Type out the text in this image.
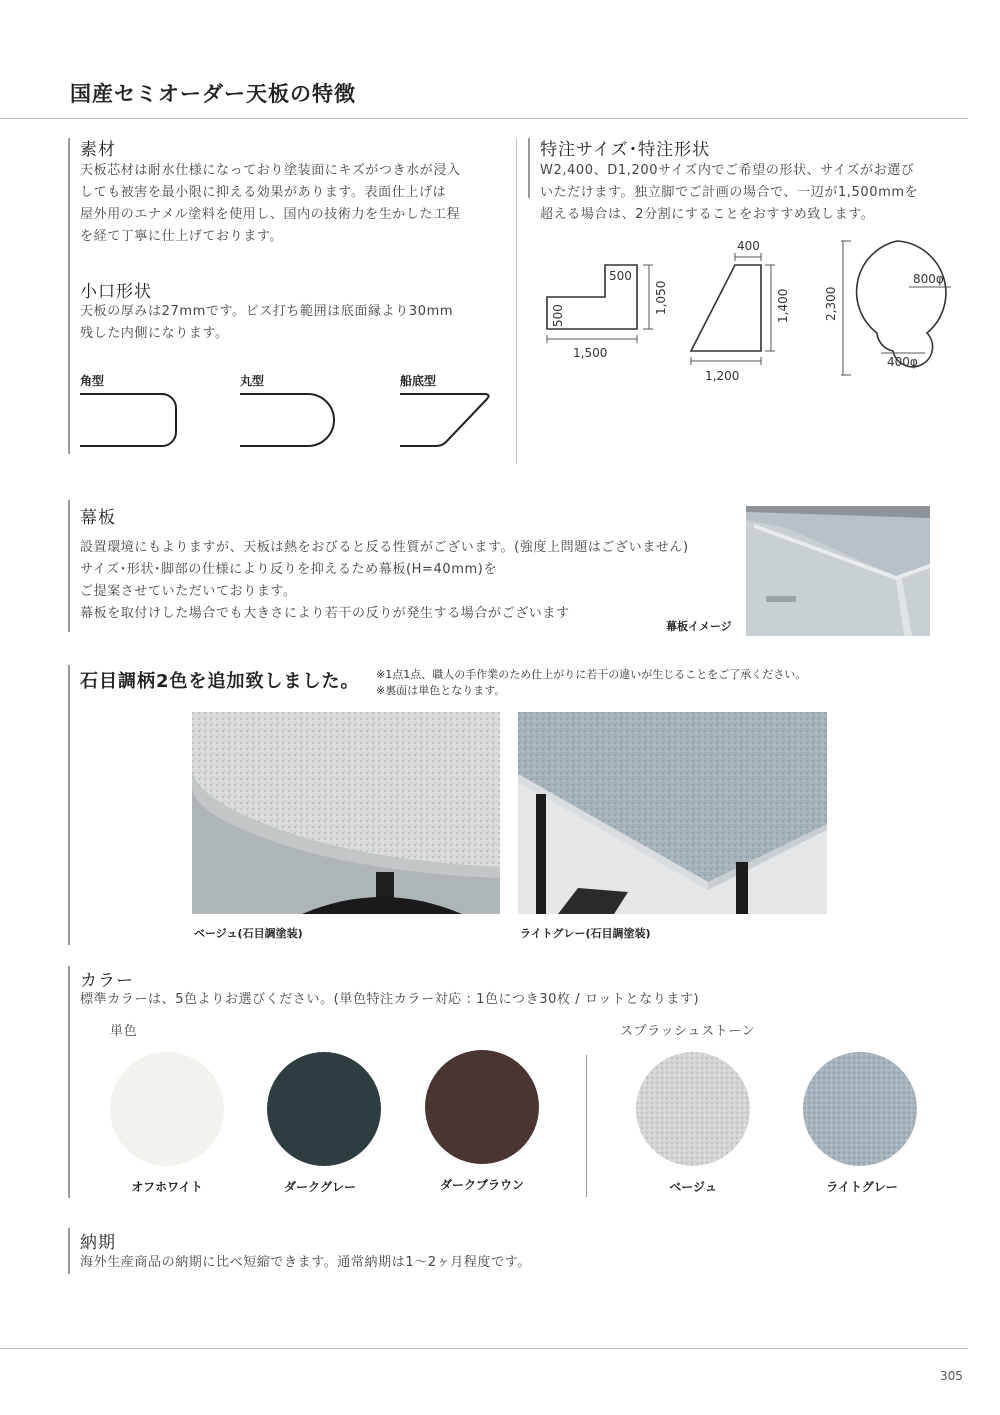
国産セミオーダー天板の特徴
素材
天板芯材は耐水仕様になっており塗装面にキズがつき水が浸入
しても被害を最小限に抑える効果があります。表面仕上げは
屋外用のエナメル塗料を使用し、国内の技術力を生かした工程
を経て丁寧に仕上げております。
小口形状
天板の厚みは27mmです。ビス打ち範囲は底面縁より30mm
残した内側になります。
角型	丸型	船底型
特注サイズ･特注形状
W2,400、D1,200サイズ内でご希望の形状、サイズがお選び
いただけます。独立脚でご計画の場合で、一辺が1,500mmを
超える場合は、2分割にすることをおすすめ致します。
500
500
1,050
1,500
400
1,400
1,200
2,300
800φ
400φ
幕板
設置環境にもよりますが、天板は熱をおびると反る性質がございます。(強度上問題はございません)
サイズ･形状･脚部の仕様により反りを抑えるため幕板(H=40mm)を
ご提案させていただいております。
幕板を取付けした場合でも大きさにより若干の反りが発生する場合がございます
幕板イメージ
石目調柄2色を追加致しました。 ※1点1点、職人の手作業のため仕上がりに若干の違いが生じることをご了承ください。
※裏面は単色となります。
ベージュ(石目調塗装)	ライトグレー(石目調塗装)
カラー
標準カラーは、5色よりお選びください。(単色特注カラー対応 : 1色につき30枚 / ロットとなります)
単色	スプラッシュストーン
オフホワイト	ダークグレー	ダークブラウン	ベージュ	ライトグレー
納期
海外生産商品の納期に比べ短縮できます。通常納期は1～2ヶ月程度です。
305
